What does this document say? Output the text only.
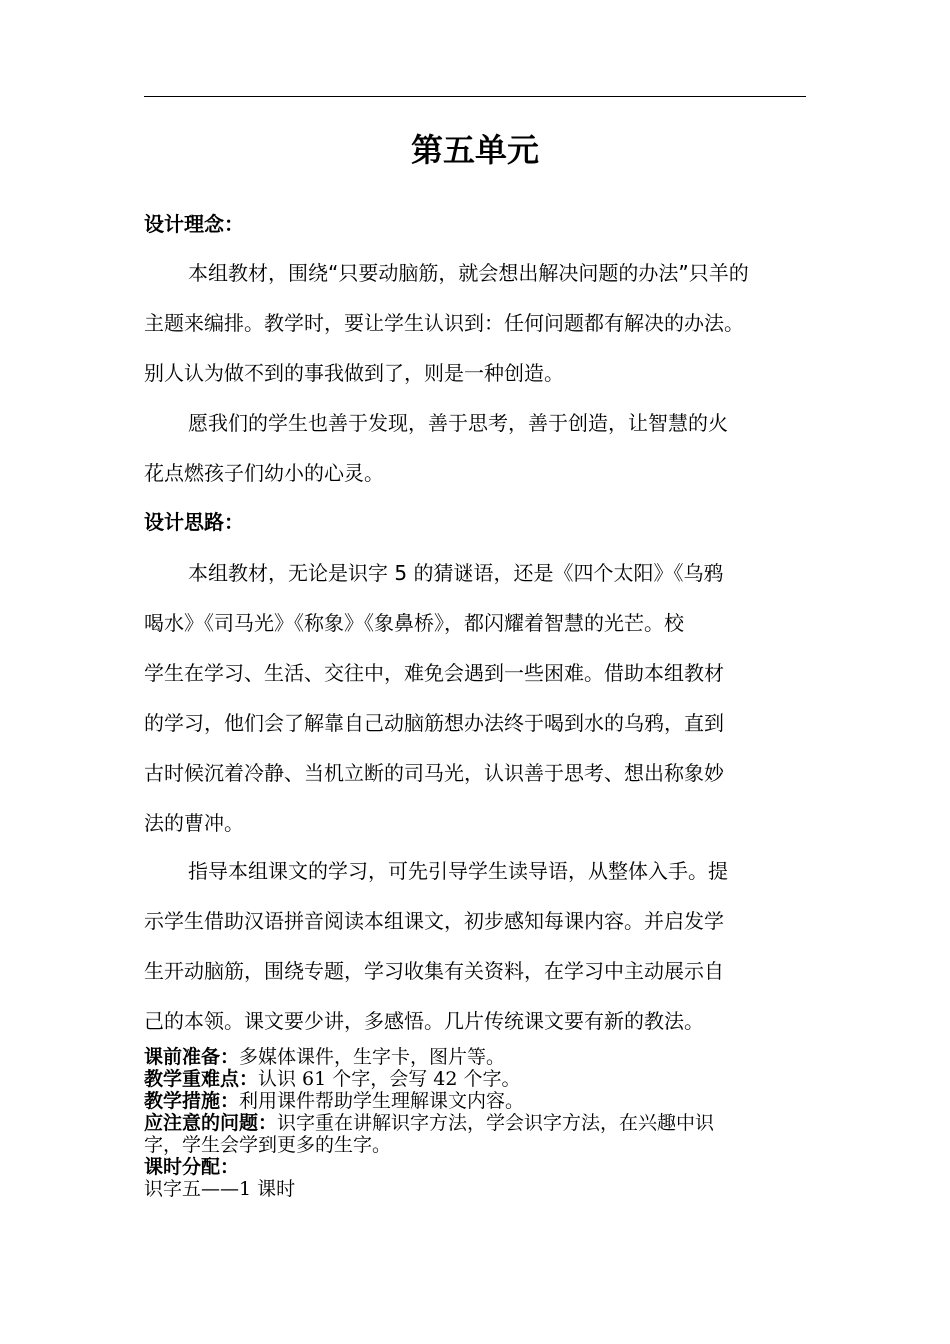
第五单元
设计理念：
本组教材，围绕“只要动脑筋，就会想出解决问题的办法”只羊的
主题来编排。教学时，要让学生认识到：任何问题都有解决的办法。
别人认为做不到的事我做到了，则是一种创造。
愿我们的学生也善于发现，善于思考，善于创造，让智慧的火
花点燃孩子们幼小的心灵。
设计思路：
本组教材，无论是识字 5 的猜谜语，还是《四个太阳》《乌鸦
喝水》《司马光》《称象》《象鼻桥》，都闪耀着智慧的光芒。校
学生在学习、生活、交往中，难免会遇到一些困难。借助本组教材
的学习，他们会了解靠自己动脑筋想办法终于喝到水的乌鸦，直到
古时候沉着冷静、当机立断的司马光，认识善于思考、想出称象妙
法的曹冲。
指导本组课文的学习，可先引导学生读导语，从整体入手。提
示学生借助汉语拼音阅读本组课文，初步感知每课内容。并启发学
生开动脑筋，围绕专题，学习收集有关资料，在学习中主动展示自
己的本领。课文要少讲，多感悟。几片传统课文要有新的教法。
课前准备：多媒体课件，生字卡，图片等。
教学重难点：认识 61 个字，会写 42 个字。
教学措施：利用课件帮助学生理解课文内容。
应注意的问题：识字重在讲解识字方法，学会识字方法，在兴趣中识
字，学生会学到更多的生字。
课时分配：
识字五——1 课时
